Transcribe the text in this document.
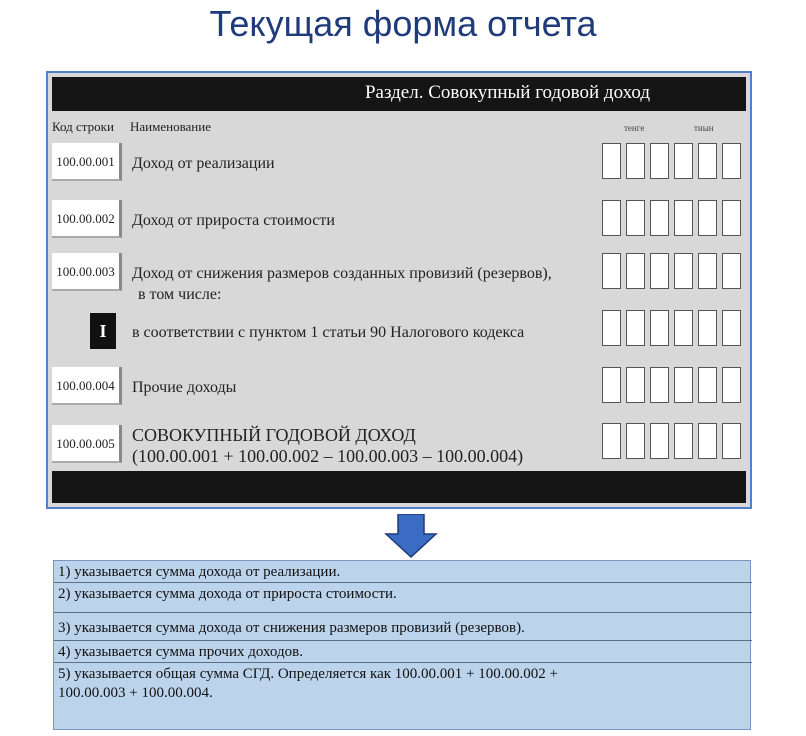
Текущая форма отчета
Раздел. Совокупный годовой доход
Код строки Наименование	тенге	тиын
100.00.001	Доход от реализации
100.00.002	Доход от прироста стоимости
100.00.003	Доход от снижения размеров созданных провизий (резервов),
в том числе:
I	в соответствии с пунктом 1 статьи 90 Налогового кодекса
100.00.004	Прочие доходы
100.00.005 СОВОКУПНЫЙ ГОДОВОЙ ДОХОД
(100.00.001 + 100.00.002 – 100.00.003 – 100.00.004)
1) указывается сумма дохода от реализации.
2) указывается сумма дохода от прироста стоимости.
3) указывается сумма дохода от снижения размеров провизий (резервов).
4) указывается сумма прочих доходов.
5) указывается общая сумма СГД. Определяется как 100.00.001 + 100.00.002 +
100.00.003 + 100.00.004.
